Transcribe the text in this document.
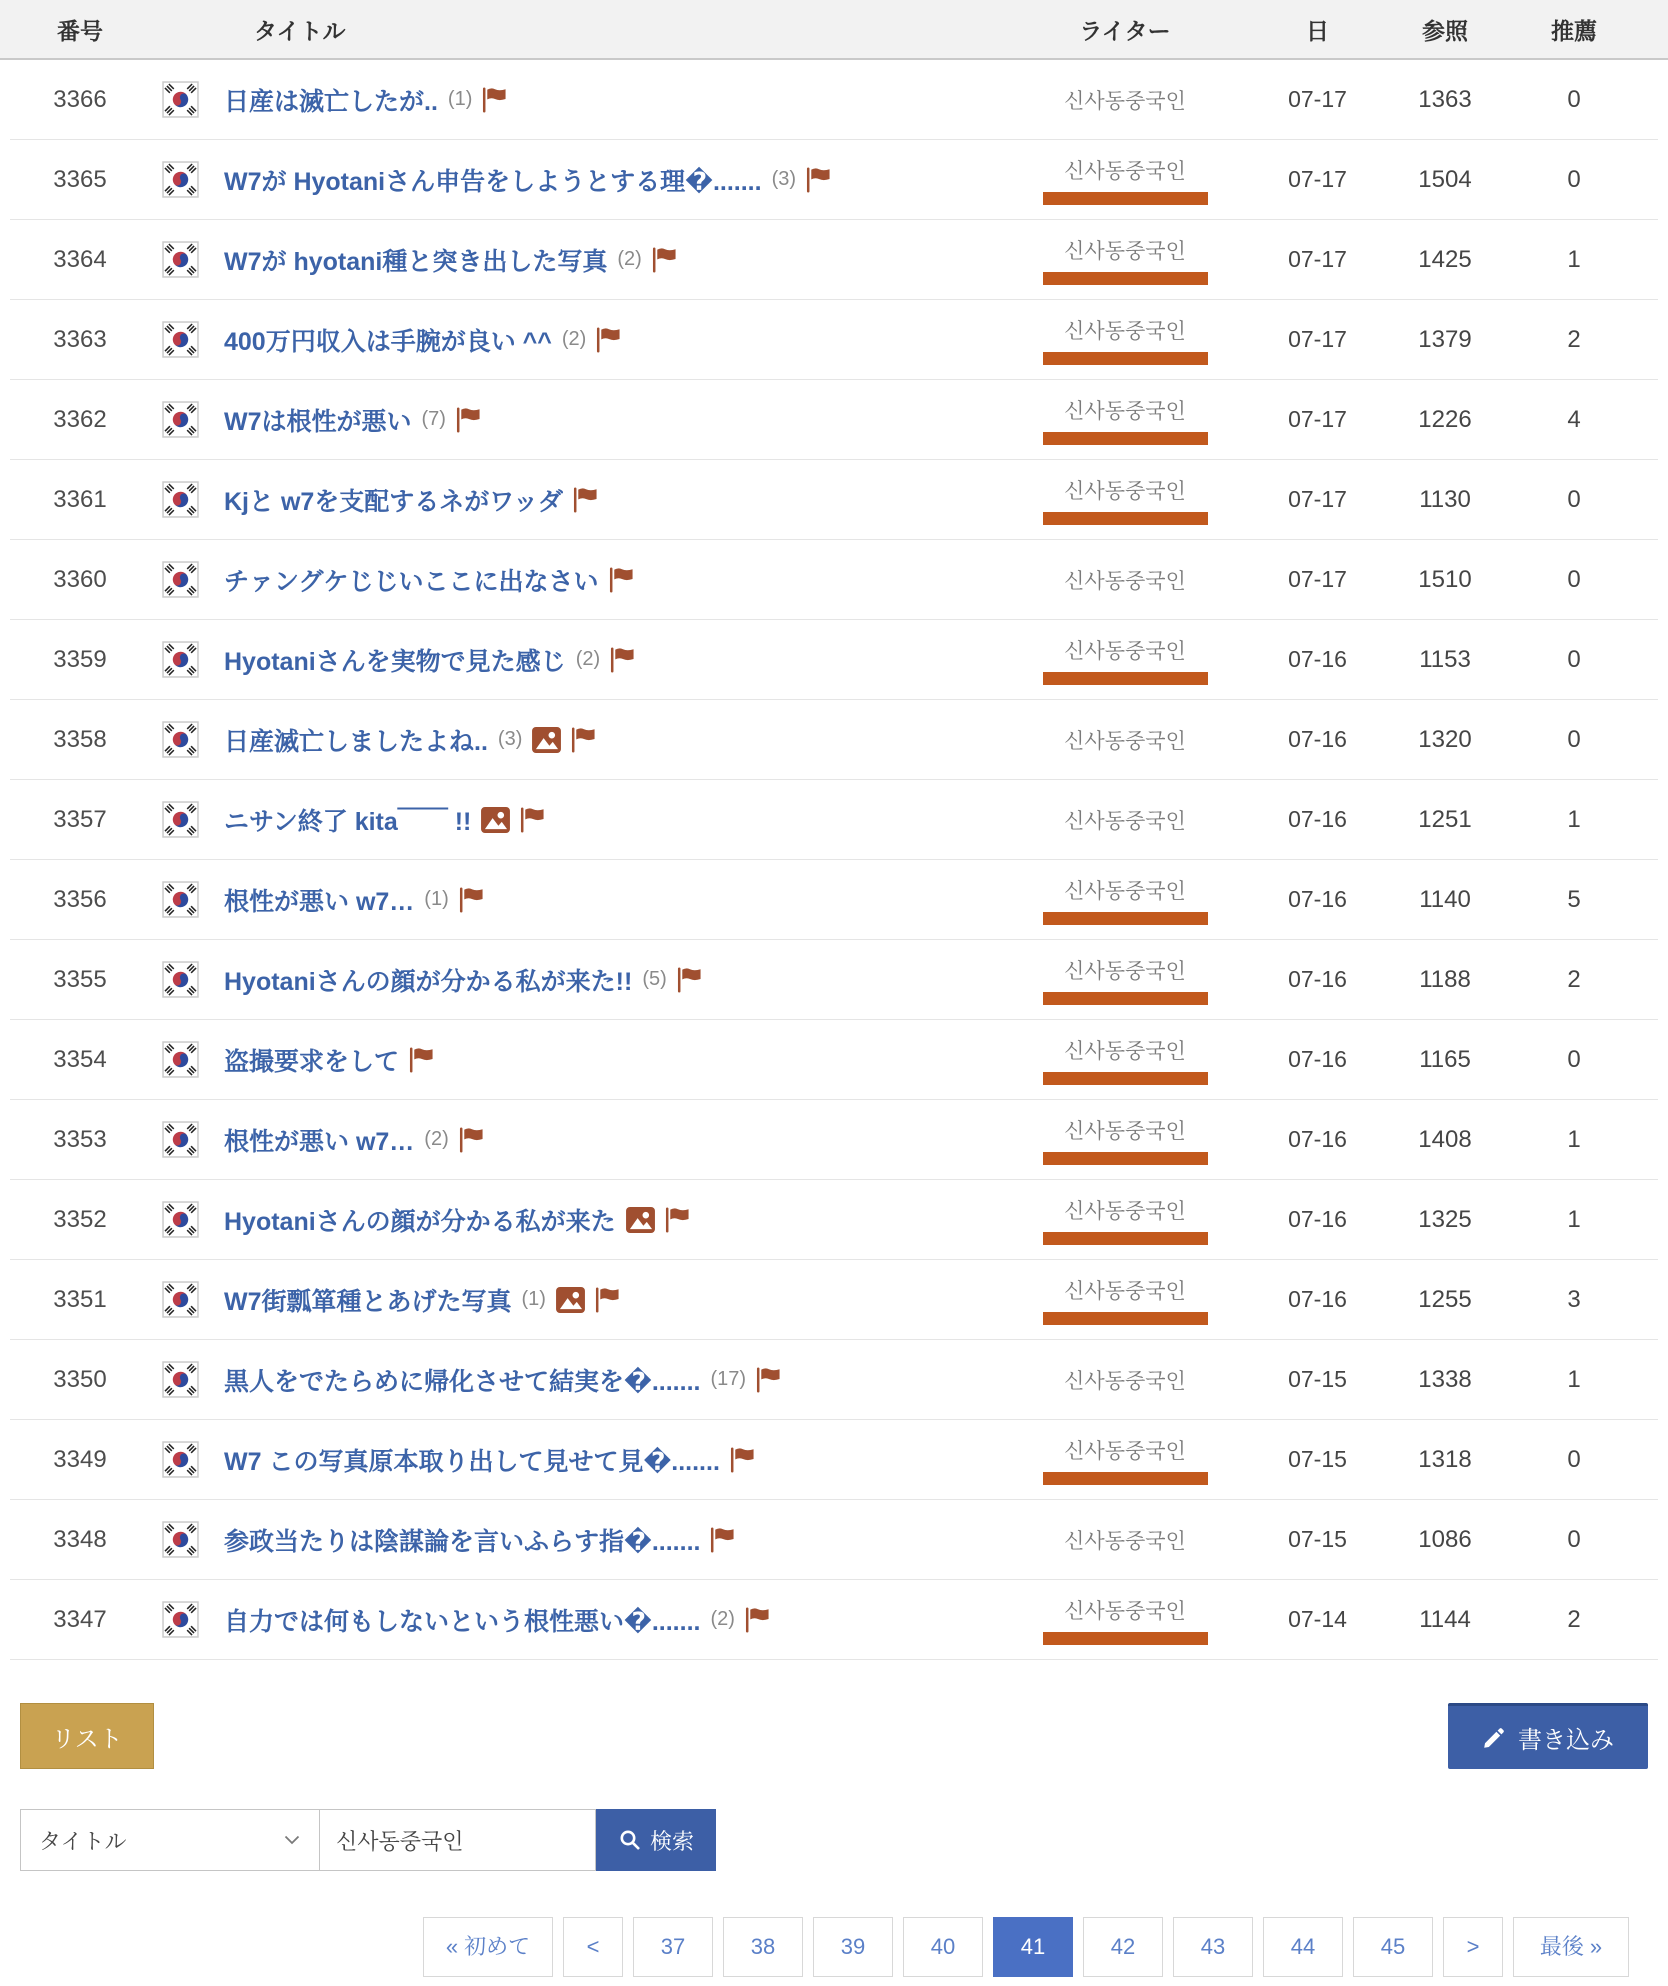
番号	タイトル	ライター	日	参照	推薦
3366	日産は滅亡したが.. (1)	신사동중국인	07-17	1363	0
3365	W7が Hyotaniさん申告をしようとする理�....... (3)	신사동중국인	07-17	1504	0
3364	W7が hyotani種と突き出した写真 (2)	신사동중국인	07-17	1425	1
3363	400万円収入は手腕が良い ^^ (2)	신사동중국인	07-17	1379	2
3362	W7は根性が悪い (7)	신사동중국인	07-17	1226	4
3361	Kjと w7を支配するネがワッダ	신사동중국인	07-17	1130	0
3360	チァングケじじいここに出なさい	신사동중국인	07-17	1510	0
3359	Hyotaniさんを実物で見た感じ (2)	신사동중국인	07-16	1153	0
3358	日産滅亡しましたよね.. (3)	신사동중국인	07-16	1320	0
3357	ニサン終了 kita￣￣ !!	신사동중국인	07-16	1251	1
3356	根性が悪い w7… (1)	신사동중국인	07-16	1140	5
3355	Hyotaniさんの顔が分かる私が来た!! (5)	신사동중국인	07-16	1188	2
3354	盗撮要求をして	신사동중국인	07-16	1165	0
3353	根性が悪い w7… (2)	신사동중국인	07-16	1408	1
3352	Hyotaniさんの顔が分かる私が来た	신사동중국인	07-16	1325	1
3351	W7街瓢箪種とあげた写真 (1)	신사동중국인	07-16	1255	3
3350	黒人をでたらめに帰化させて結実を�....... (17)	신사동중국인	07-15	1338	1
3349	W7 この写真原本取り出して見せて見�.......	신사동중국인	07-15	1318	0
3348	参政当たりは陰謀論を言いふらす指�.......	신사동중국인	07-15	1086	0
3347	自力では何もしないという根性悪い�....... (2)	신사동중국인	07-14	1144	2
リスト	書き込み
タイトル
신사동중국인	検索
« 初めて	<	37	38	39	40	41	42	43	44	45	>	最後 »
